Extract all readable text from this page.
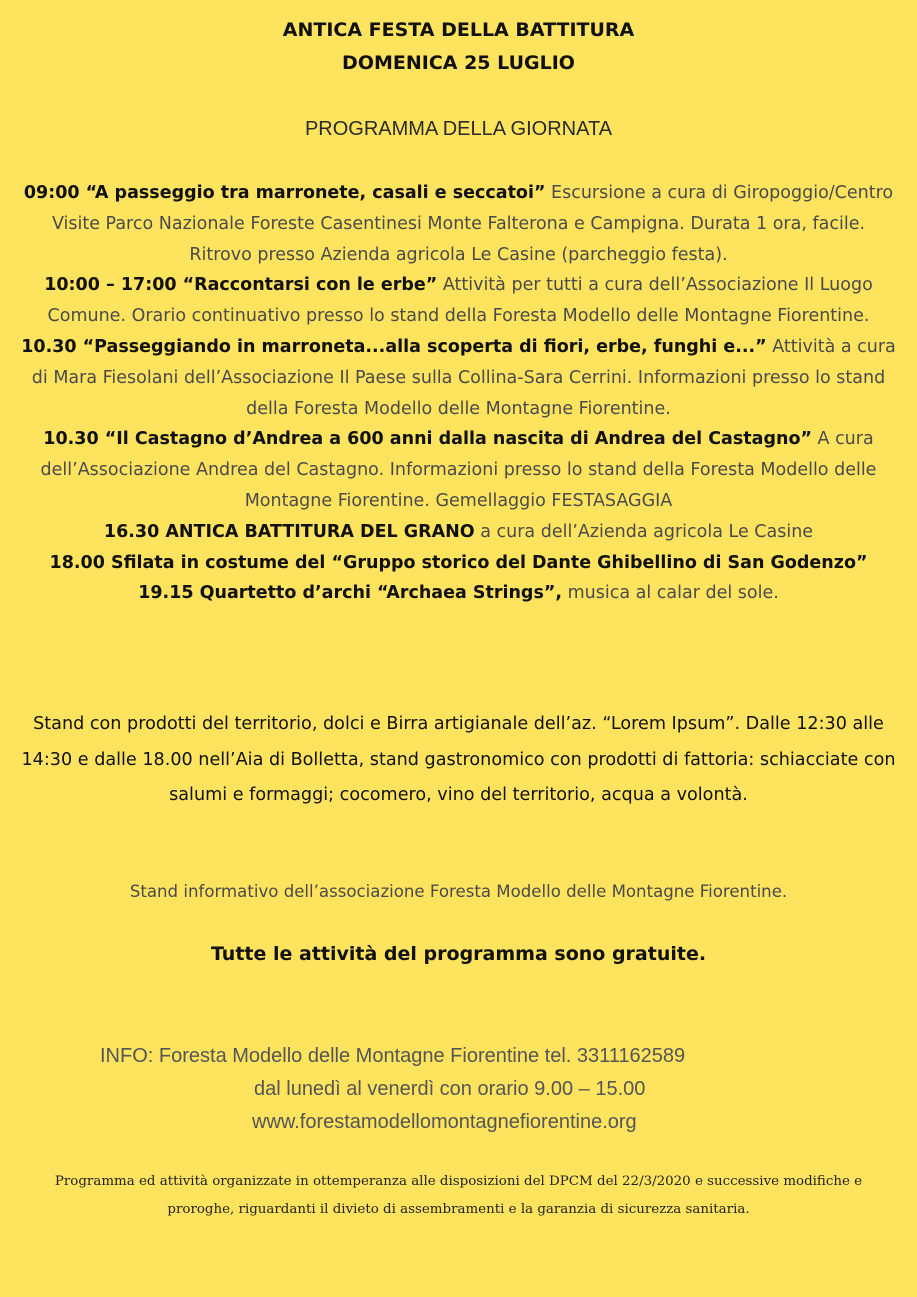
ANTICA FESTA DELLA BATTITURA
DOMENICA 25 LUGLIO
PROGRAMMA DELLA GIORNATA
09:00 “A passeggio tra marronete, casali e seccatoi” Escursione a cura di Giropoggio/Centro Visite Parco Nazionale Foreste Casentinesi Monte Falterona e Campigna. Durata 1 ora, facile. Ritrovo presso Azienda agricola Le Casine (parcheggio festa).
10:00 – 17:00 “Raccontarsi con le erbe” Attività per tutti a cura dell’Associazione Il Luogo Comune. Orario continuativo presso lo stand della Foresta Modello delle Montagne Fiorentine.
10.30 “Passeggiando in marroneta...alla scoperta di fiori, erbe, funghi e...” Attività a cura di Mara Fiesolani dell’Associazione Il Paese sulla Collina-Sara Cerrini. Informazioni presso lo stand della Foresta Modello delle Montagne Fiorentine.
10.30 “Il Castagno d’Andrea a 600 anni dalla nascita di Andrea del Castagno” A cura dell’Associazione Andrea del Castagno. Informazioni presso lo stand della Foresta Modello delle Montagne Fiorentine. Gemellaggio FESTASAGGIA
16.30 ANTICA BATTITURA DEL GRANO a cura dell’Azienda agricola Le Casine
18.00 Sfilata in costume del “Gruppo storico del Dante Ghibellino di San Godenzo”
19.15 Quartetto d’archi “Archaea Strings”, musica al calar del sole.
Stand con prodotti del territorio, dolci e Birra artigianale dell’az. “Lorem Ipsum”. Dalle 12:30 alle 14:30 e dalle 18.00 nell’Aia di Bolletta, stand gastronomico con prodotti di fattoria: schiacciate con salumi e formaggi; cocomero, vino del territorio, acqua a volontà.
Stand informativo dell’associazione Foresta Modello delle Montagne Fiorentine.
Tutte le attività del programma sono gratuite.
INFO: Foresta Modello delle Montagne Fiorentine tel. 3311162589
dal lunedì al venerdì con orario 9.00 – 15.00
www.forestamodellomontagnefiorentine.org
Programma ed attività organizzate in ottemperanza alle disposizioni del DPCM del 22/3/2020 e successive modifiche e proroghe, riguardanti il divieto di assembramenti e la garanzia di sicurezza sanitaria.
